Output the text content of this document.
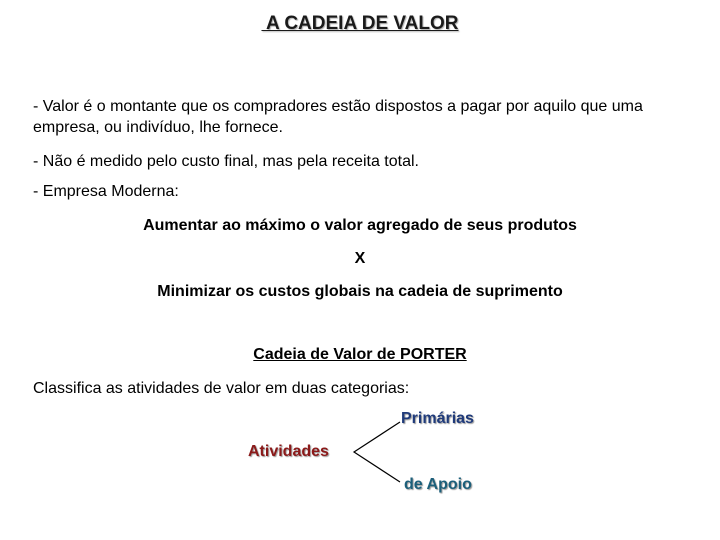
A CADEIA DE VALOR
- Valor é o montante que os compradores estão dispostos a pagar por aquilo que uma empresa, ou indivíduo, lhe fornece.
- Não é medido pelo custo final, mas pela receita total.
- Empresa Moderna:
Aumentar ao máximo o valor agregado de seus produtos
X
Minimizar os custos globais na cadeia de suprimento
Cadeia de Valor de PORTER
Classifica as atividades de valor em duas categorias:
Atividades
Primárias
de Apoio
